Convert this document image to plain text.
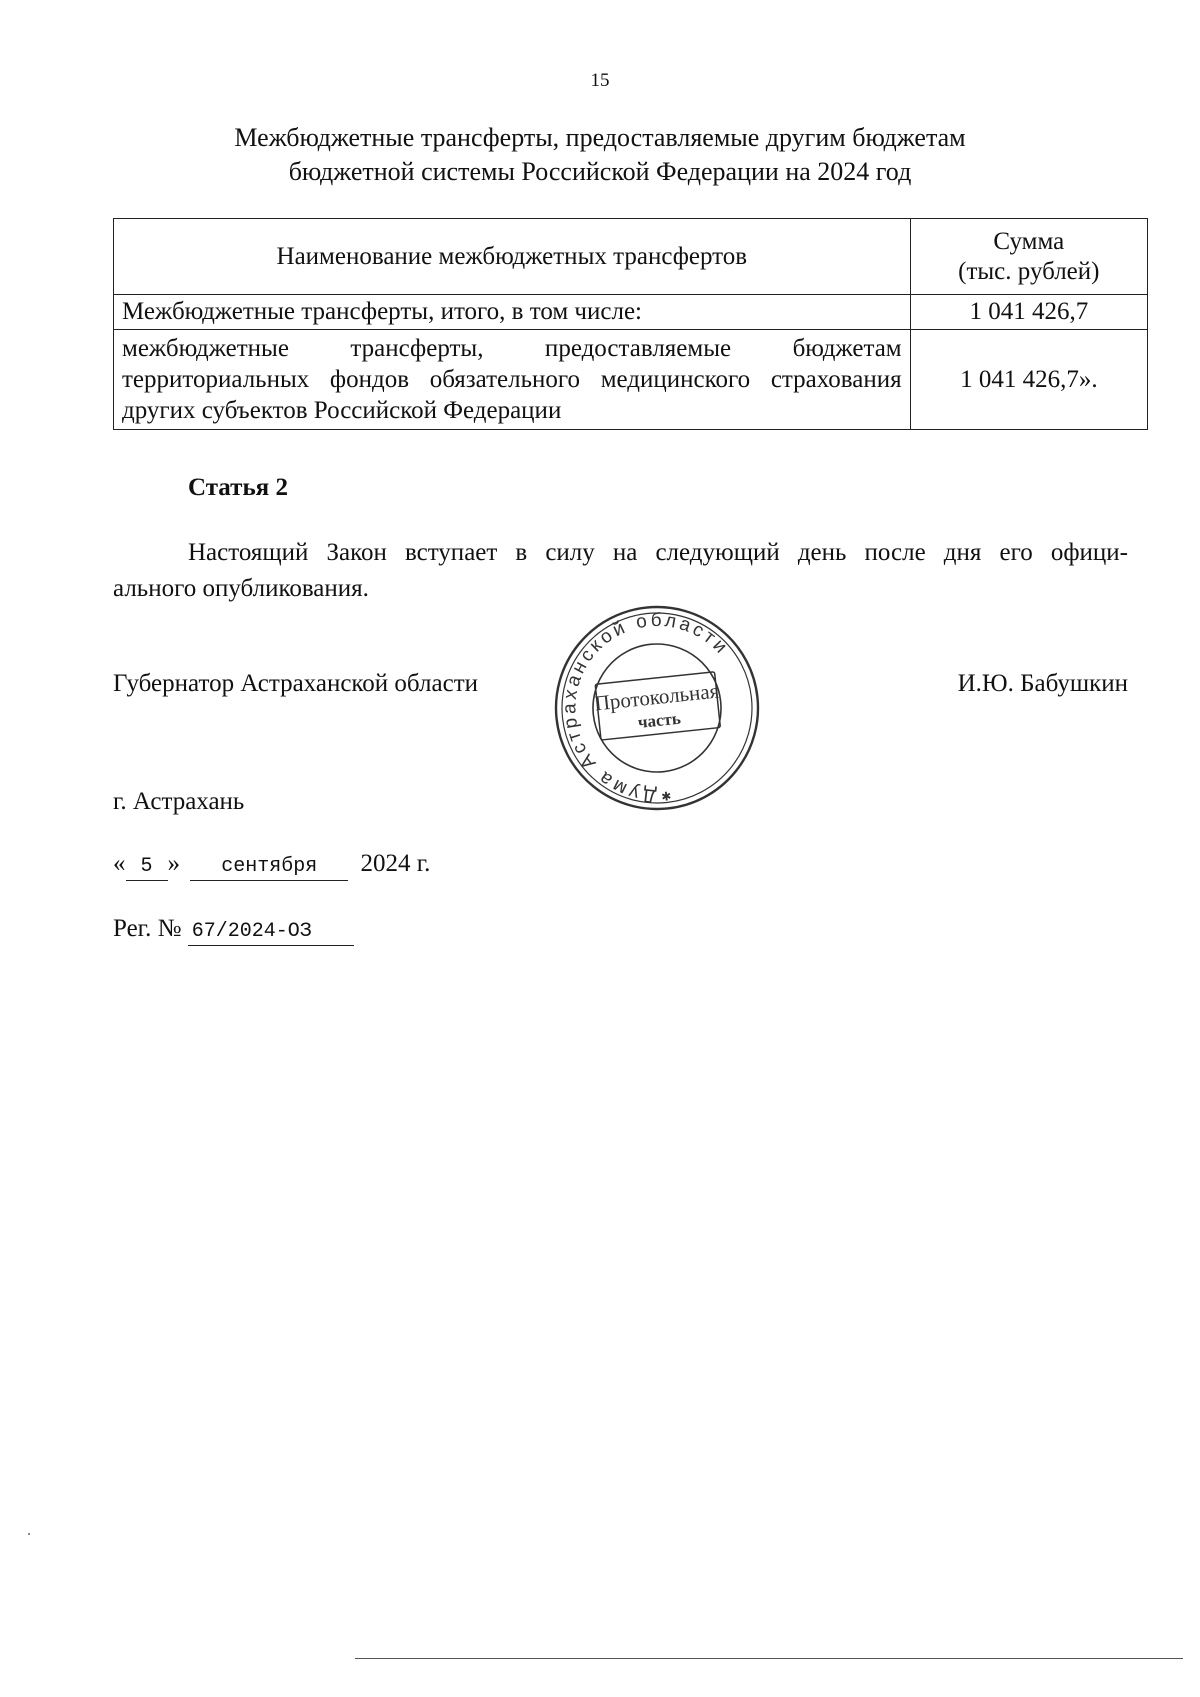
15
Межбюджетные трансферты, предоставляемые другим бюджетам
бюджетной системы Российской Федерации на 2024 год
Наименование межбюджетных трансфертов	Сумма
(тыс. рублей)
Межбюджетные трансферты, итого, в том числе:	1 041 426,7
межбюджетные трансферты, предоставляемые бюджетам территориальных фондов обязательного медицинского страхования других субъектов Российской Федерации	1 041 426,7».
Статья 2
Настоящий Закон вступает в силу на следующий день после дня его офици-
ального опубликования.
Губернатор Астраханской области	И.Ю. Бабушкин
Дума Астраханской области
✱
Протокольная
часть
г. Астрахань
« 5 » сентября 2024 г.
Рег. № 67/2024-ОЗ
